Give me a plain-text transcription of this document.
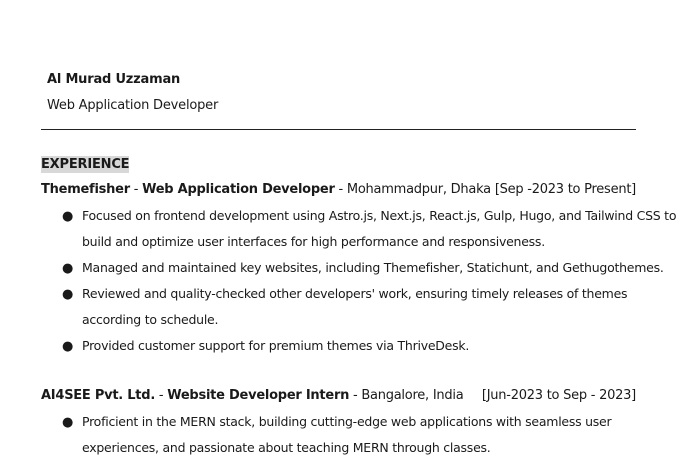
Al Murad Uzzaman
Web Application Developer
EXPERIENCE
Themefisher - Web Application Developer - Mohammadpur, Dhaka [Sep -2023 to Present]
● Focused on frontend development using Astro.js, Next.js, React.js, Gulp, Hugo, and Tailwind CSS to
build and optimize user interfaces for high performance and responsiveness.
● Managed and maintained key websites, including Themefisher, Statichunt, and Gethugothemes.
● Reviewed and quality-checked other developers' work, ensuring timely releases of themes
according to schedule.
● Provided customer support for premium themes via ThriveDesk.
AI4SEE Pvt. Ltd. - Website Developer Intern - Bangalore, India [Jun-2023 to Sep - 2023]
● Proficient in the MERN stack, building cutting-edge web applications with seamless user
experiences, and passionate about teaching MERN through classes.
